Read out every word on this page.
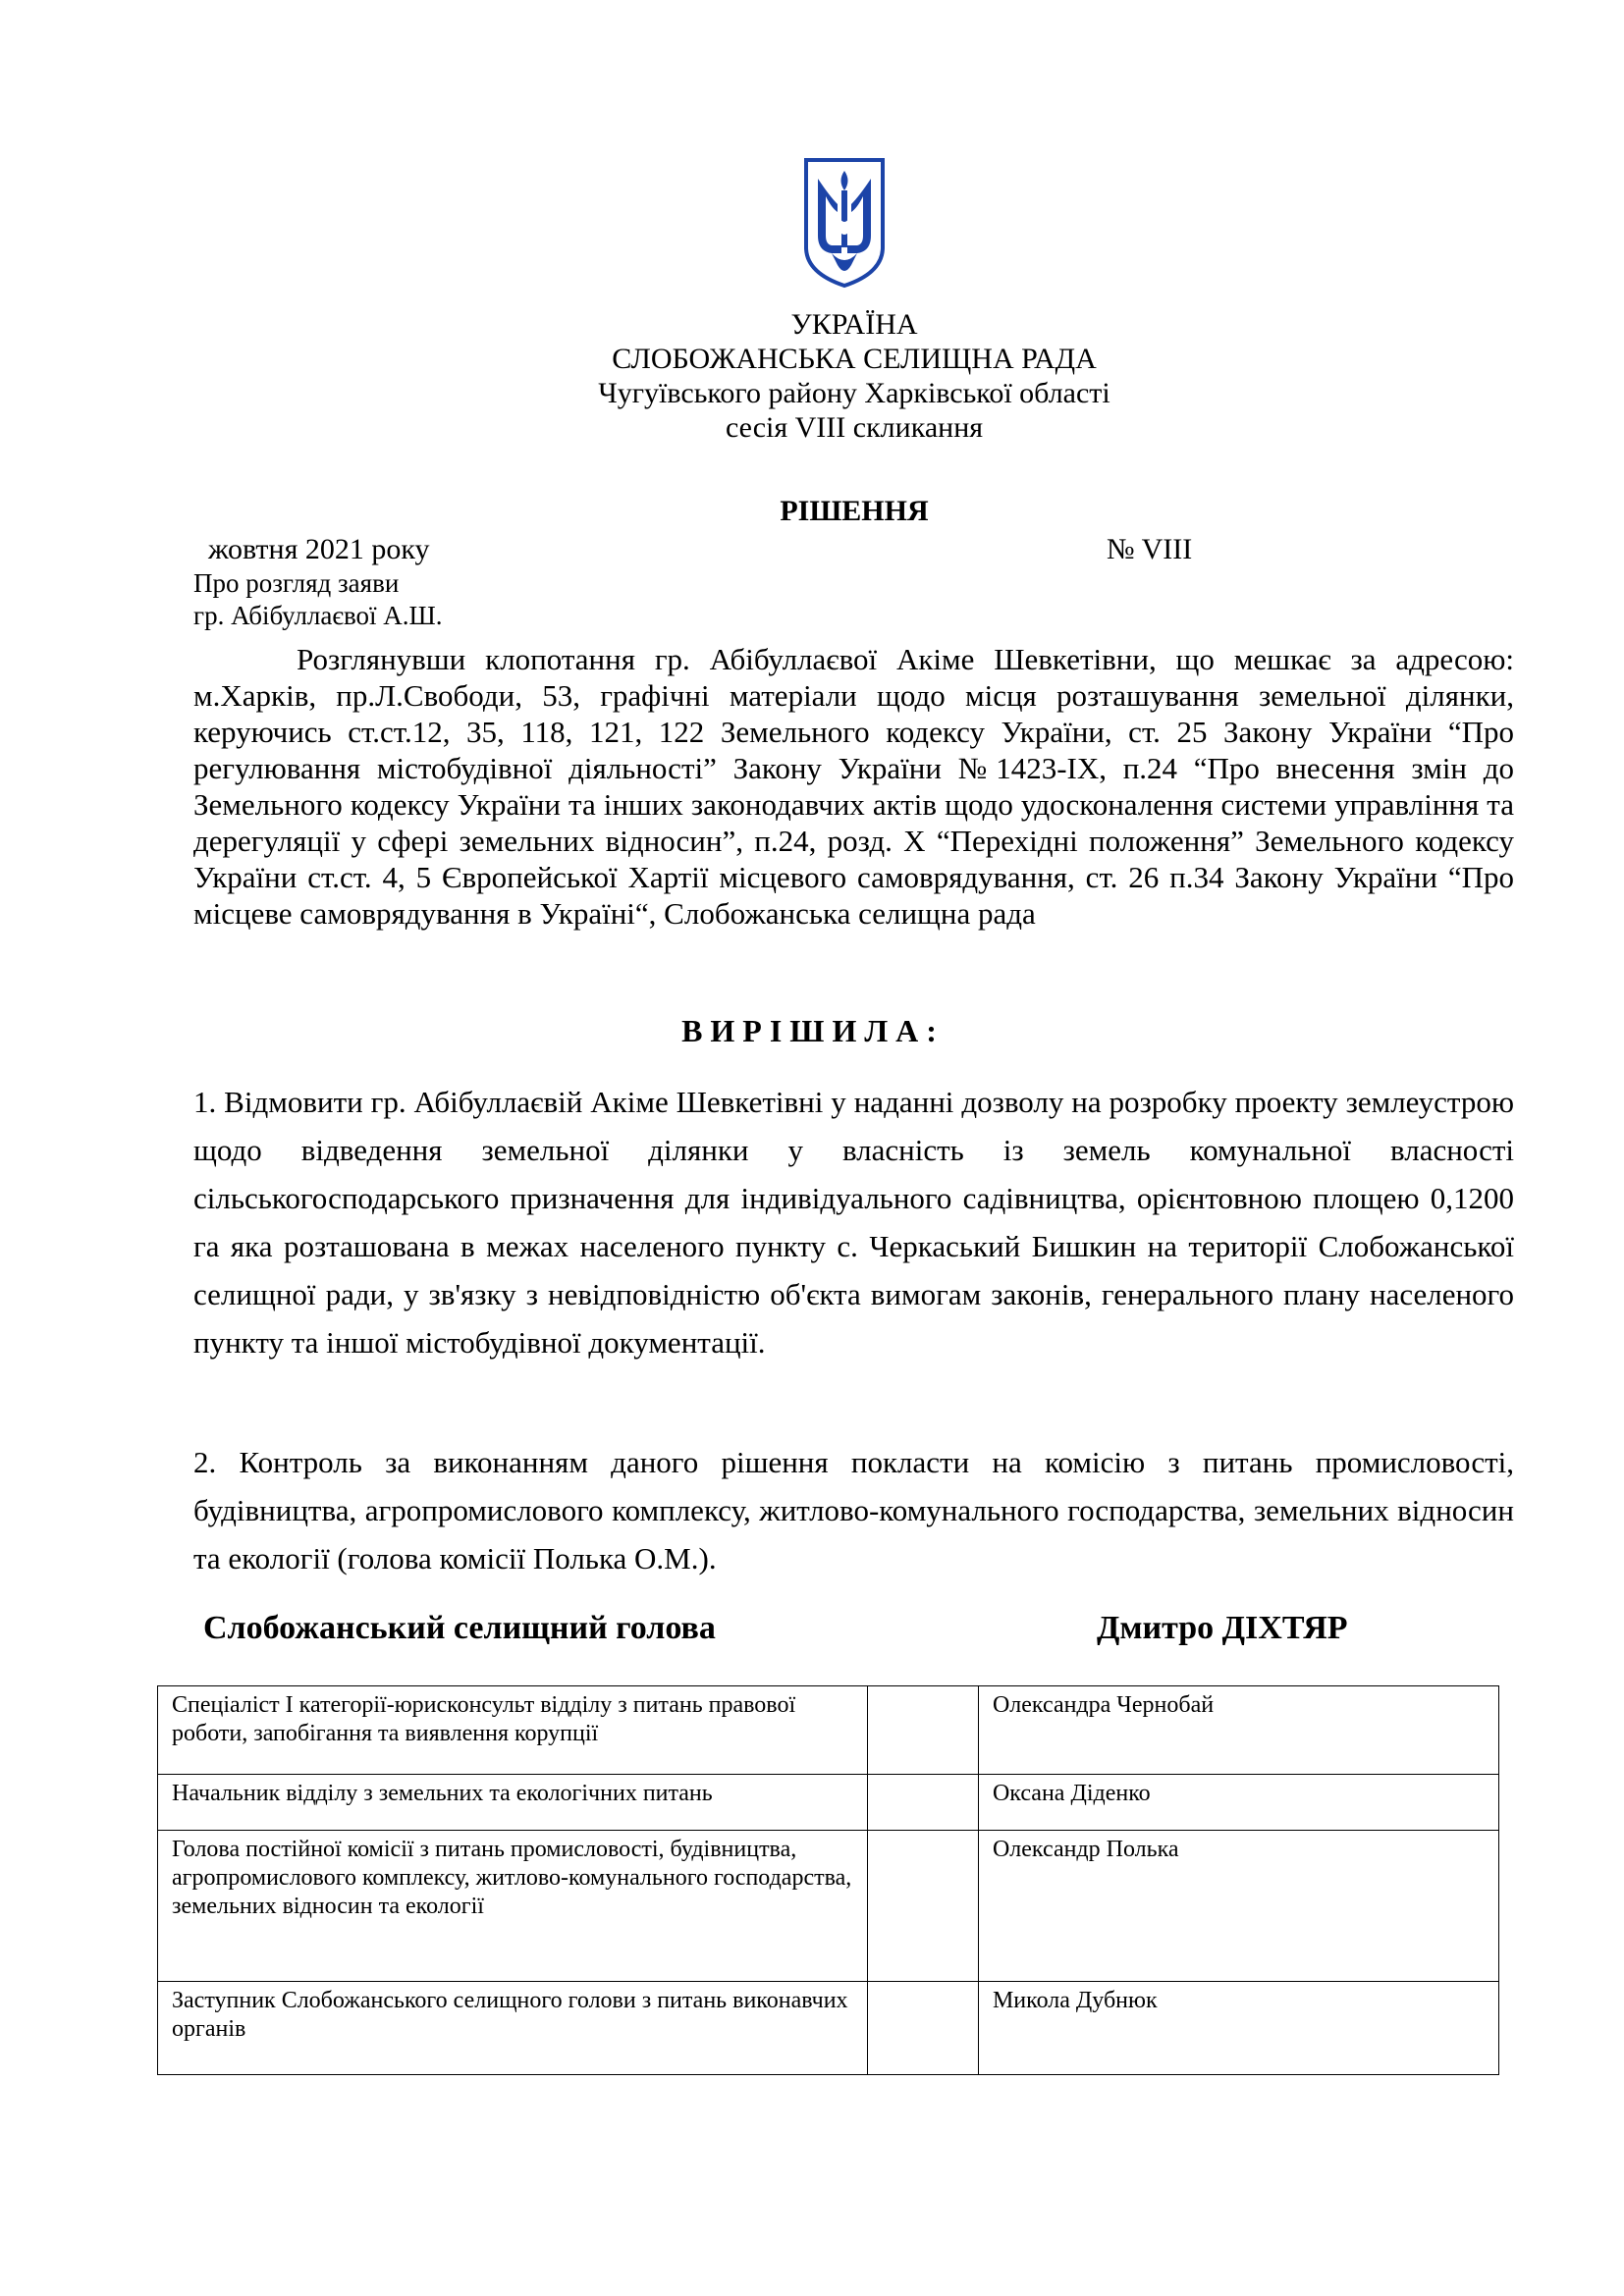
УКРАЇНА
СЛОБОЖАНСЬКА СЕЛИЩНА РАДА
Чугуївського району Харківської області
сесія VIII скликання
РІШЕННЯ
жовтня 2021 року	№ VIII
Про розгляд заяви
гр. Абібуллаєвої А.Ш.
Розглянувши клопотання гр. Абібуллаєвої Акіме Шевкетівни, що мешкає за адресою: м.Харків, пр.Л.Свободи, 53, графічні матеріали щодо місця розташування земельної ділянки, керуючись ст.ст.12, 35, 118, 121, 122 Земельного кодексу України, ст. 25 Закону України “Про регулювання містобудівної діяльності” Закону України №1423-IX, п.24 “Про внесення змін до Земельного кодексу України та інших законодавчих актів щодо удосконалення системи управління та дерегуляції у сфері земельних відносин”, п.24, розд. X “Перехідні положення” Земельного кодексу України ст.ст. 4, 5 Європейської Хартії місцевого самоврядування, ст. 26 п.34 Закону України “Про місцеве самоврядування в Україні“, Слобожанська селищна рада
В И Р І Ш И Л А :
1. Відмовити гр. Абібуллаєвій Акіме Шевкетівні у наданні дозволу на розробку проекту землеустрою щодо відведення земельної ділянки у власність із земель комунальної власності сільськогосподарського призначення для індивідуального садівництва, орієнтовною площею 0,1200 га яка розташована в межах населеного пункту с. Черкаський Бишкин на території Слобожанської селищної ради, у зв'язку з невідповідністю об'єкта вимогам законів, генерального плану населеного пункту та іншої містобудівної документації.
2. Контроль за виконанням даного рішення покласти на комісію з питань промисловості, будівництва, агропромислового комплексу, житлово-комунального господарства, земельних відносин та екології (голова комісії Полька О.М.).
Слобожанський селищний голова	Дмитро ДІХТЯР
Спеціаліст I категорії-юрисконсульт відділу з питань правової роботи, запобігання та виявлення корупції		Олександра Чернобай
Начальник відділу з земельних та екологічних питань		Оксана Діденко
Голова постійної комісії з питань промисловості, будівництва, агропромислового комплексу, житлово-комунального господарства, земельних відносин та екології		Олександр Полька
Заступник Слобожанського селищного голови з питань виконавчих органів		Микола Дубнюк
